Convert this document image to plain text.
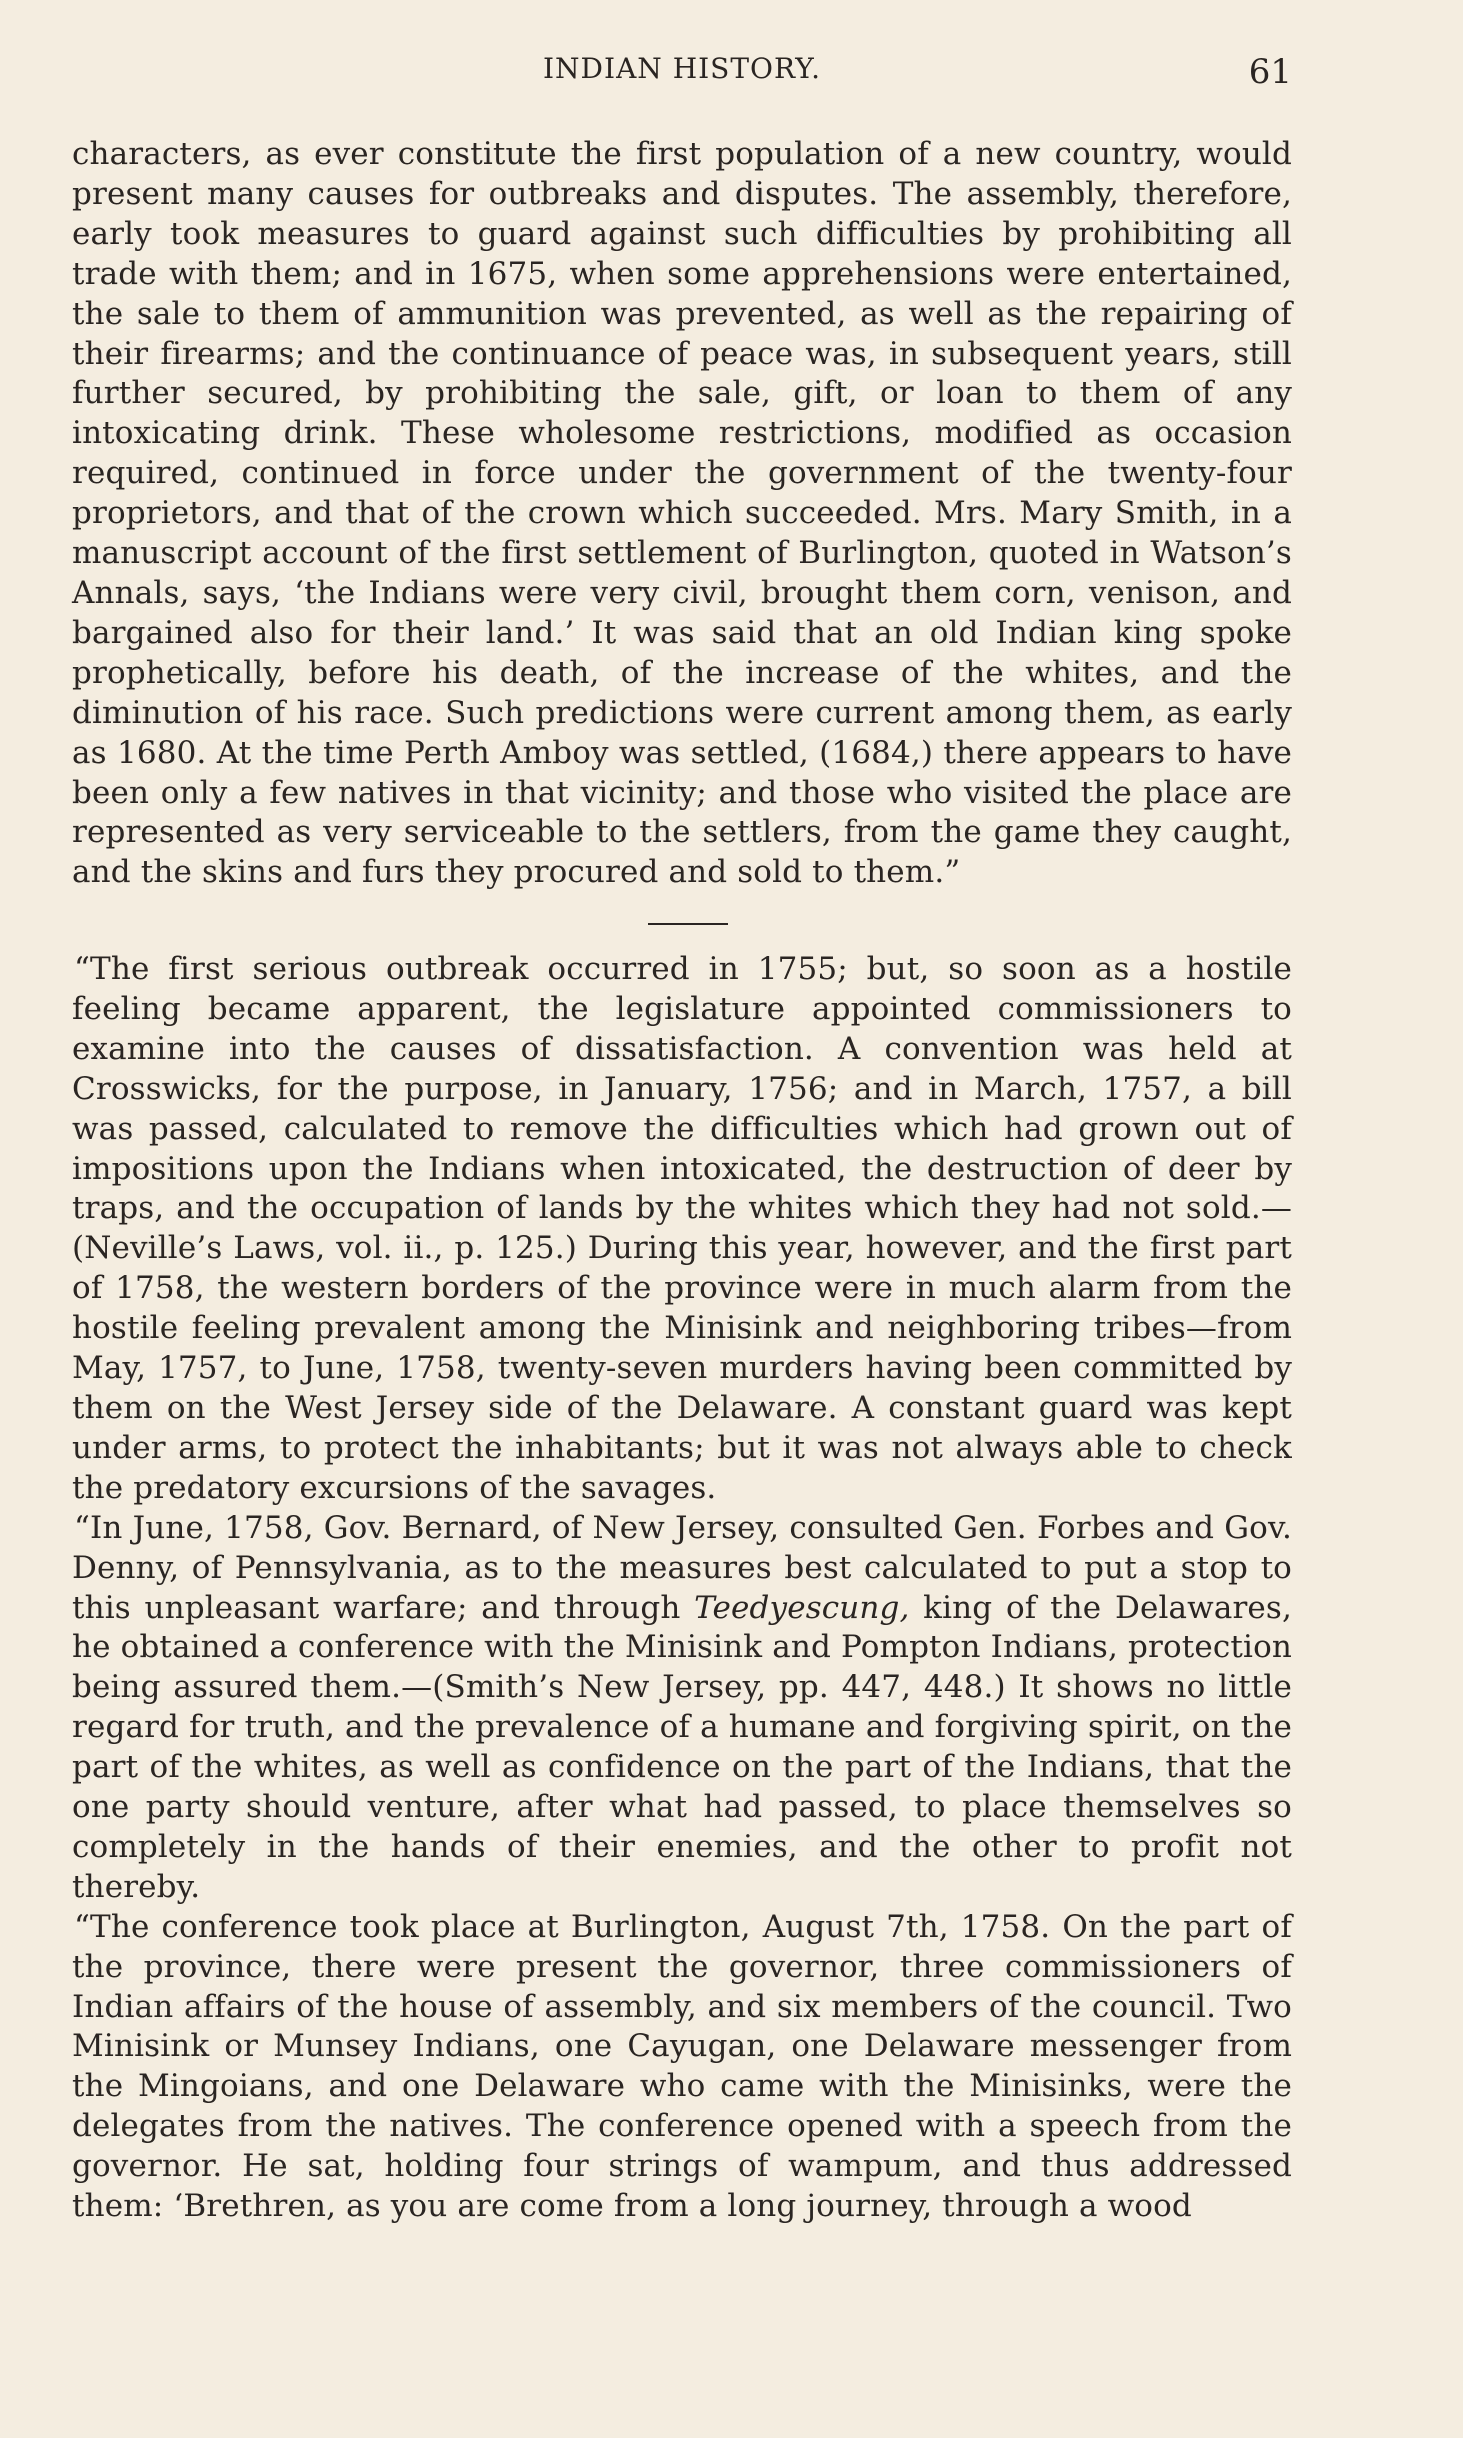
INDIAN HISTORY.	61

characters, as ever constitute the first population of a new country, would present many causes for outbreaks and disputes. The assembly, therefore, early took measures to guard against such difficulties by prohibiting all trade with them; and in 1675, when some apprehensions were entertained, the sale to them of ammunition was prevented, as well as the repairing of their firearms; and the continuance of peace was, in subsequent years, still further secured, by prohibiting the sale, gift, or loan to them of any intoxicating drink. These wholesome restrictions, modified as occasion required, continued in force under the government of the twenty-four proprietors, and that of the crown which succeeded. Mrs. Mary Smith, in a manuscript account of the first settlement of Burlington, quoted in Watson’s Annals, says, ‘the Indians were very civil, brought them corn, venison, and bargained also for their land.’ It was said that an old Indian king spoke prophetically, before his death, of the increase of the whites, and the diminution of his race. Such predictions were current among them, as early as 1680. At the time Perth Amboy was settled, (1684,) there appears to have been only a few natives in that vicinity; and those who visited the place are represented as very serviceable to the settlers, from the game they caught, and the skins and furs they procured and sold to them.”

“The first serious outbreak occurred in 1755; but, so soon as a hostile feeling became apparent, the legislature appointed commissioners to examine into the causes of dissatisfaction. A convention was held at Crosswicks, for the purpose, in January, 1756; and in March, 1757, a bill was passed, calculated to remove the difficulties which had grown out of impositions upon the Indians when intoxicated, the destruction of deer by traps, and the occupation of lands by the whites which they had not sold.—(Neville’s Laws, vol. ii., p. 125.) During this year, however, and the first part of 1758, the western borders of the province were in much alarm from the hostile feeling prevalent among the Minisink and neighboring tribes—from May, 1757, to June, 1758, twenty-seven murders having been committed by them on the West Jersey side of the Delaware. A constant guard was kept under arms, to protect the inhabitants; but it was not always able to check the predatory excursions of the savages.

“In June, 1758, Gov. Bernard, of New Jersey, consulted Gen. Forbes and Gov. Denny, of Pennsylvania, as to the measures best calculated to put a stop to this unpleasant warfare; and through Teedyescung, king of the Delawares, he obtained a conference with the Minisink and Pompton Indians, protection being assured them.—(Smith’s New Jersey, pp. 447, 448.) It shows no little regard for truth, and the prevalence of a humane and forgiving spirit, on the part of the whites, as well as confidence on the part of the Indians, that the one party should venture, after what had passed, to place themselves so completely in the hands of their enemies, and the other to profit not thereby.

“The conference took place at Burlington, August 7th, 1758. On the part of the province, there were present the governor, three commissioners of Indian affairs of the house of assembly, and six members of the council. Two Minisink or Munsey Indians, one Cayugan, one Delaware messenger from the Mingoians, and one Delaware who came with the Minisinks, were the delegates from the natives. The conference opened with a speech from the governor. He sat, holding four strings of wampum, and thus addressed them: ‘Brethren, as you are come from a long journey, through a wood
